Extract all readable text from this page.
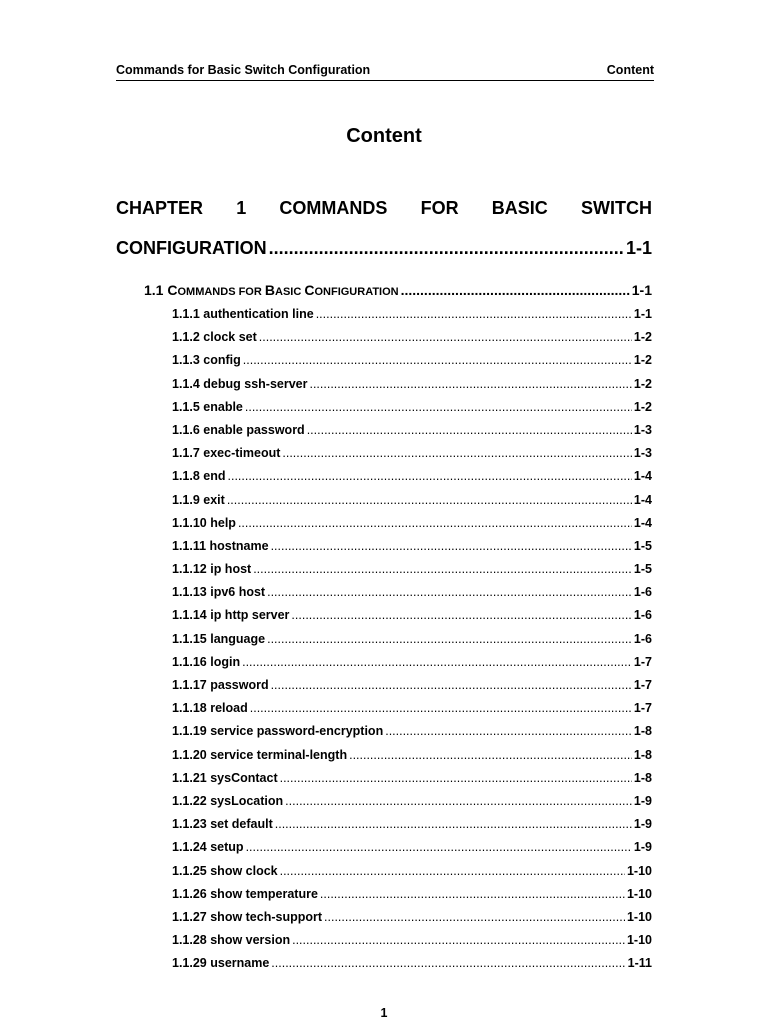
Commands for Basic Switch Configuration	Content
Content
CHAPTER 1 COMMANDS FOR BASIC SWITCH
CONFIGURATION .....	1-1
1.1 COMMANDS FOR BASIC CONFIGURATION .....	1-1
1.1.1 authentication line .....	1-1
1.1.2 clock set .....	1-2
1.1.3 config .....	1-2
1.1.4 debug ssh-server .....	1-2
1.1.5 enable .....	1-2
1.1.6 enable password .....	1-3
1.1.7 exec-timeout .....	1-3
1.1.8 end .....	1-4
1.1.9 exit .....	1-4
1.1.10 help .....	1-4
1.1.11 hostname .....	1-5
1.1.12 ip host .....	1-5
1.1.13 ipv6 host .....	1-6
1.1.14 ip http server .....	1-6
1.1.15 language .....	1-6
1.1.16 login .....	1-7
1.1.17 password .....	1-7
1.1.18 reload .....	1-7
1.1.19 service password-encryption .....	1-8
1.1.20 service terminal-length .....	1-8
1.1.21 sysContact .....	1-8
1.1.22 sysLocation .....	1-9
1.1.23 set default .....	1-9
1.1.24 setup .....	1-9
1.1.25 show clock .....	1-10
1.1.26 show temperature .....	1-10
1.1.27 show tech-support .....	1-10
1.1.28 show version .....	1-10
1.1.29 username .....	1-11
1
